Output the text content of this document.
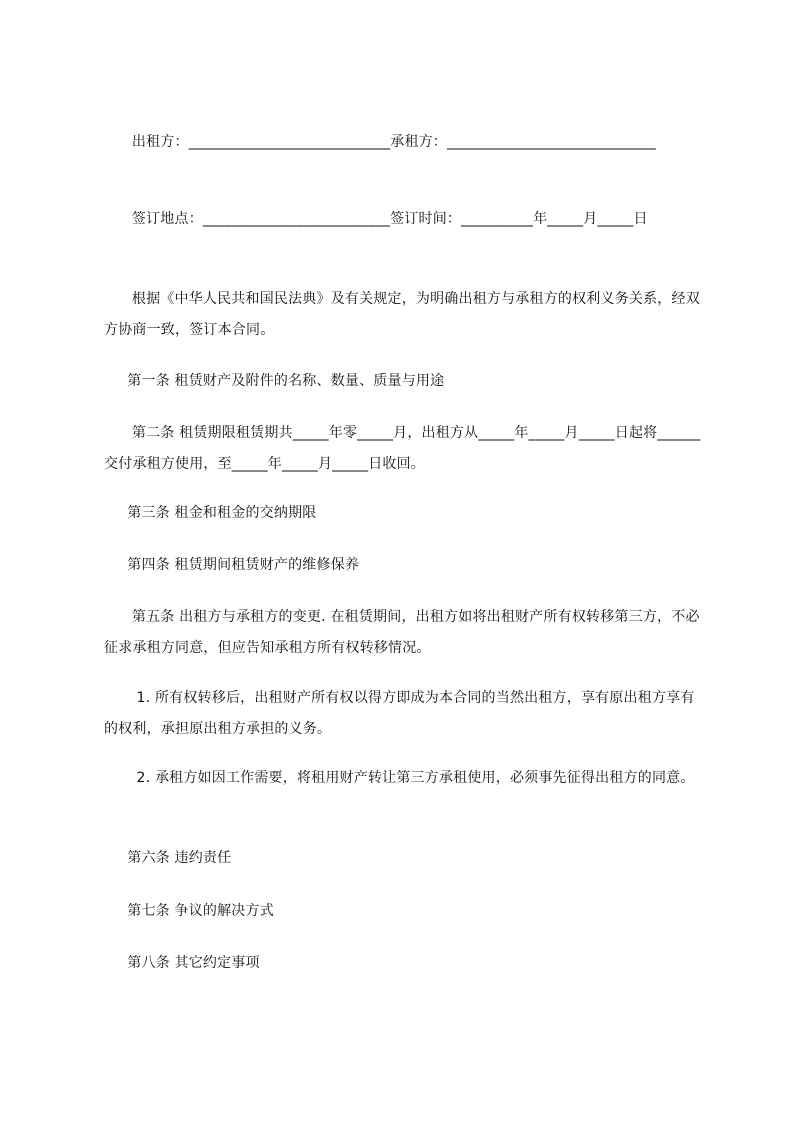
出租方：____________________________承租方：_____________________________
签订地点：__________________________签订时间：__________年_____月_____日
根据《中华人民共和国民法典》及有关规定，为明确出租方与承租方的权利义务关系，经双方协商一致，签订本合同。
第一条 租赁财产及附件的名称、数量、质量与用途
第二条 租赁期限租赁期共_____年零_____月，出租方从_____年_____月_____日起将______交付承租方使用，至_____年_____月_____日收回。
第三条 租金和租金的交纳期限
第四条 租赁期间租赁财产的维修保养
第五条 出租方与承租方的变更. 在租赁期间，出租方如将出租财产所有权转移第三方，不必征求承租方同意，但应告知承租方所有权转移情况。
1. 所有权转移后，出租财产所有权以得方即成为本合同的当然出租方，享有原出租方享有的权利，承担原出租方承担的义务。
2. 承租方如因工作需要，将租用财产转让第三方承租使用，必须事先征得出租方的同意。
第六条 违约责任
第七条 争议的解决方式
第八条 其它约定事项
